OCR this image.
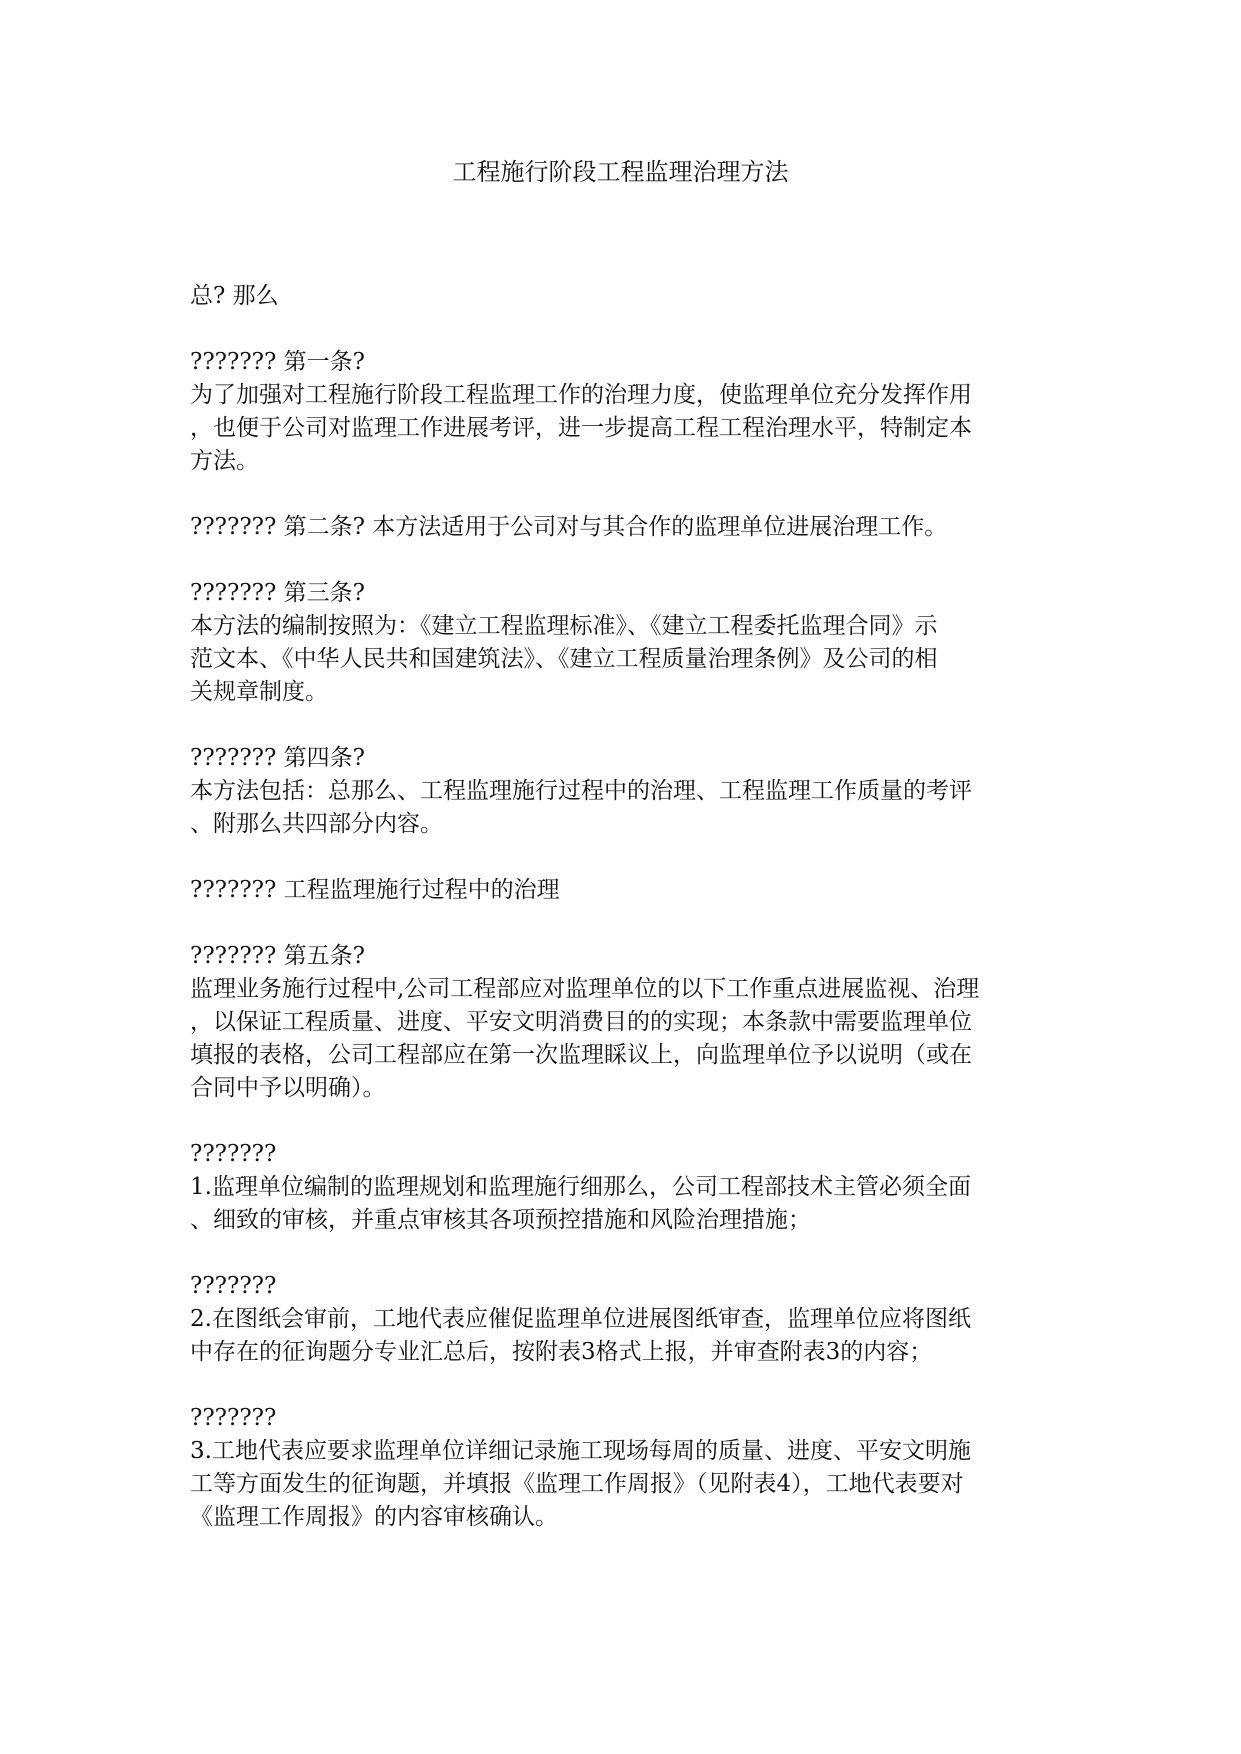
工程施行阶段工程监理治理方法

总? 那么

??????? 第一条?

为了加强对工程施行阶段工程监理工作的治理力度，使监理单位充分发挥作用

，也便于公司对监理工作进展考评，进一步提高工程工程治理水平，特制定本

方法。

??????? 第二条? 本方法适用于公司对与其合作的监理单位进展治理工作。

??????? 第三条?

本方法的编制按照为：《建立工程监理标准》、《建立工程委托监理合同》示

范文本、《中华人民共和国建筑法》、《建立工程质量治理条例》及公司的相

关规章制度。

??????? 第四条?

本方法包括：总那么、工程监理施行过程中的治理、工程监理工作质量的考评

、附那么共四部分内容。

??????? 工程监理施行过程中的治理

??????? 第五条?

监理业务施行过程中,公司工程部应对监理单位的以下工作重点进展监视、治理

，以保证工程质量、进度、平安文明消费目的的实现；本条款中需要监理单位

填报的表格，公司工程部应在第一次监理睬议上，向监理单位予以说明（或在

合同中予以明确）。

???????

1.监理单位编制的监理规划和监理施行细那么，公司工程部技术主管必须全面

、细致的审核，并重点审核其各项预控措施和风险治理措施；

???????

2.在图纸会审前，工地代表应催促监理单位进展图纸审查，监理单位应将图纸

中存在的征询题分专业汇总后，按附表3格式上报，并审查附表3的内容；

???????

3.工地代表应要求监理单位详细记录施工现场每周的质量、进度、平安文明施

工等方面发生的征询题，并填报《监理工作周报》（见附表4），工地代表要对

《监理工作周报》的内容审核确认。
